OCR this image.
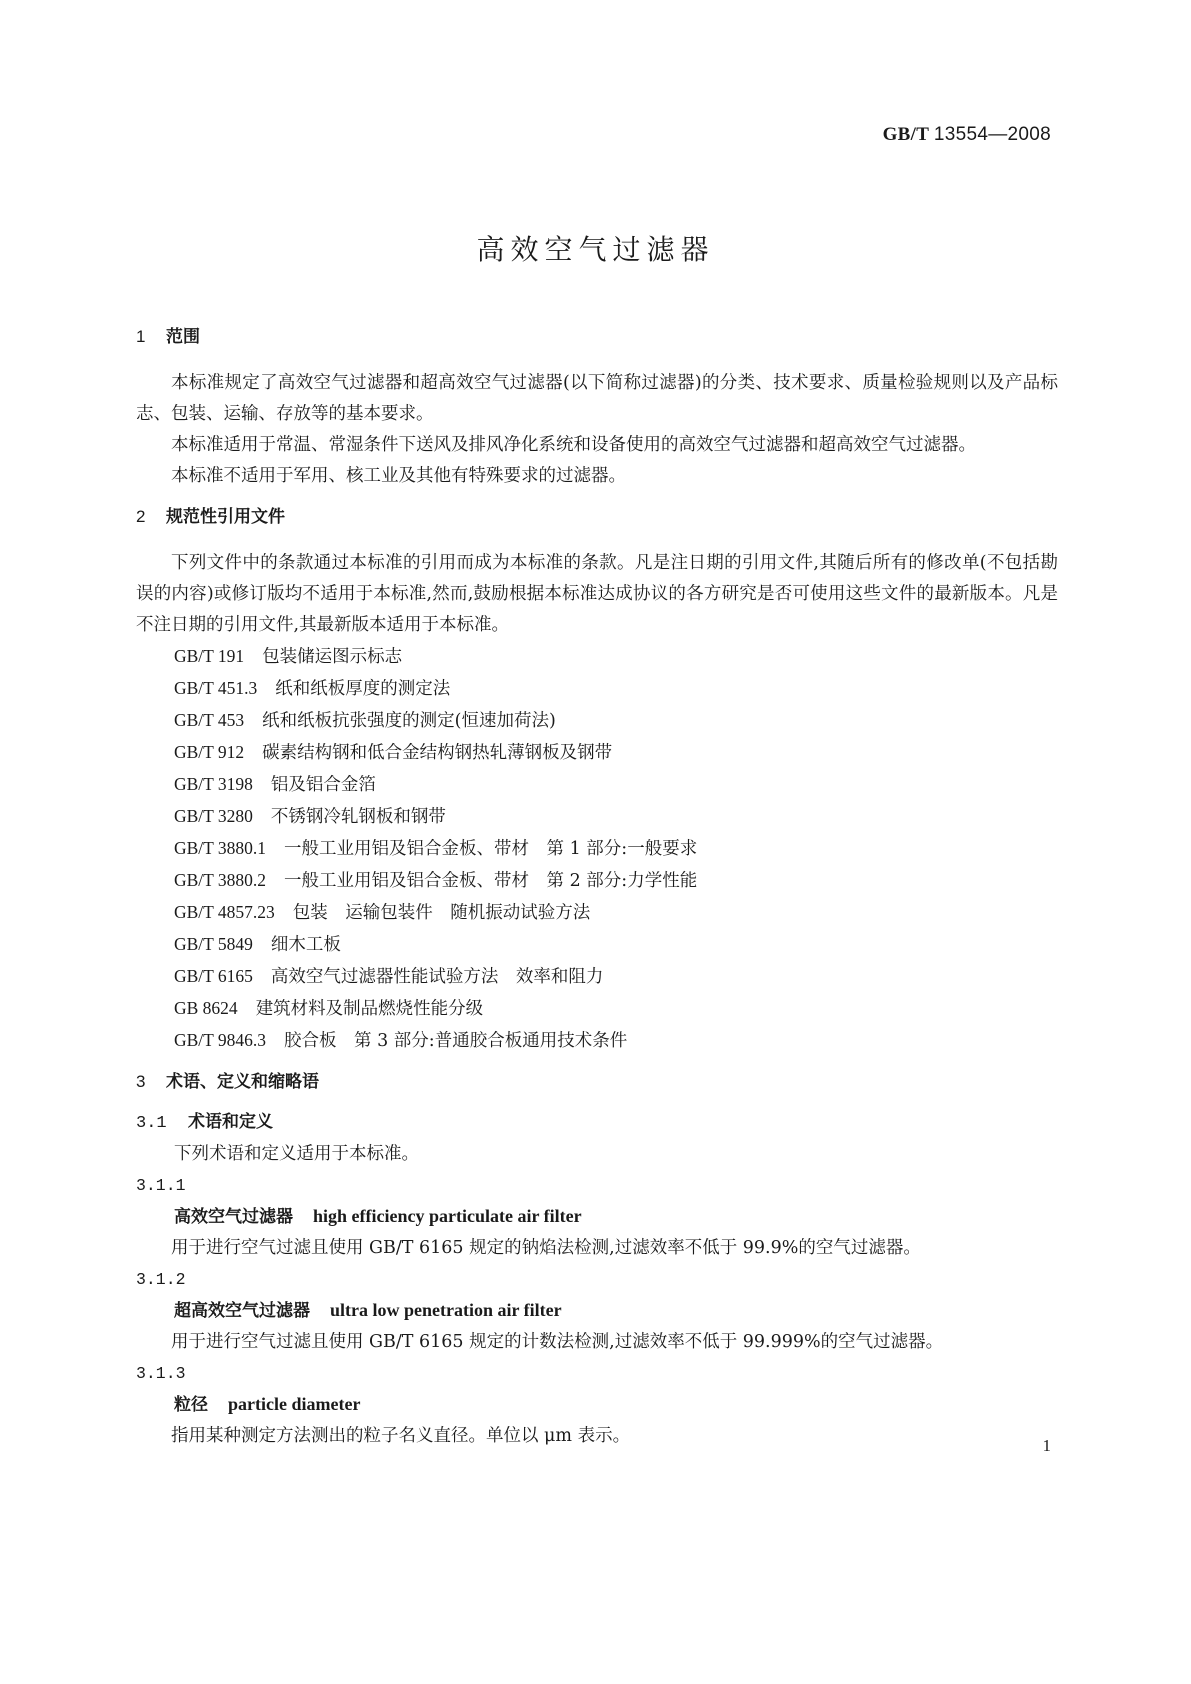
GB/T 13554—2008
高效空气过滤器
1 范围

本标准规定了高效空气过滤器和超高效空气过滤器(以下简称过滤器)的分类、技术要求、质量检验规则以及产品标志、包装、运输、存放等的基本要求。

本标准适用于常温、常湿条件下送风及排风净化系统和设备使用的高效空气过滤器和超高效空气过滤器。

本标准不适用于军用、核工业及其他有特殊要求的过滤器。

2 规范性引用文件

下列文件中的条款通过本标准的引用而成为本标准的条款。凡是注日期的引用文件,其随后所有的修改单(不包括勘误的内容)或修订版均不适用于本标准,然而,鼓励根据本标准达成协议的各方研究是否可使用这些文件的最新版本。凡是不注日期的引用文件,其最新版本适用于本标准。

GB/T 191 包装储运图示标志
GB/T 451.3 纸和纸板厚度的测定法
GB/T 453 纸和纸板抗张强度的测定(恒速加荷法)
GB/T 912 碳素结构钢和低合金结构钢热轧薄钢板及钢带
GB/T 3198 铝及铝合金箔
GB/T 3280 不锈钢冷轧钢板和钢带
GB/T 3880.1 一般工业用铝及铝合金板、带材　第 1 部分:一般要求
GB/T 3880.2 一般工业用铝及铝合金板、带材　第 2 部分:力学性能
GB/T 4857.23 包装　运输包装件　随机振动试验方法
GB/T 5849 细木工板
GB/T 6165 高效空气过滤器性能试验方法　效率和阻力
GB 8624 建筑材料及制品燃烧性能分级
GB/T 9846.3 胶合板　第 3 部分:普通胶合板通用技术条件
3 术语、定义和缩略语
3.1 术语和定义
下列术语和定义适用于本标准。
3.1.1
高效空气过滤器 high efficiency particulate air filter

用于进行空气过滤且使用 GB/T 6165 规定的钠焰法检测,过滤效率不低于 99.9%的空气过滤器。

3.1.2
超高效空气过滤器 ultra low penetration air filter

用于进行空气过滤且使用 GB/T 6165 规定的计数法检测,过滤效率不低于 99.999%的空气过滤器。

3.1.3
粒径 particle diameter

指用某种测定方法测出的粒子名义直径。单位以 μm 表示。	1
